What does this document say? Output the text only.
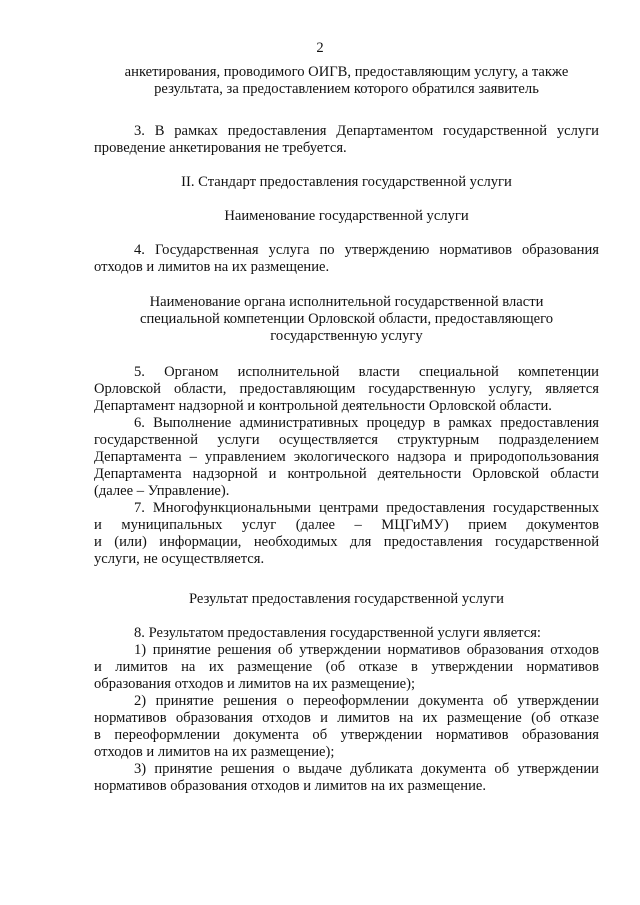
2
анкетирования, проводимого ОИГВ, предоставляющим услугу, а также
результата, за предоставлением которого обратился заявитель
3. В рамках предоставления Департаментом государственной услуги
проведение анкетирования не требуется.
II. Стандарт предоставления государственной услуги
Наименование государственной услуги
4. Государственная услуга по утверждению нормативов образования
отходов и лимитов на их размещение.
Наименование органа исполнительной государственной власти
специальной компетенции Орловской области, предоставляющего
государственную услугу
5. Органом исполнительной власти специальной компетенции
Орловской области, предоставляющим государственную услугу, является
Департамент надзорной и контрольной деятельности Орловской области.
6. Выполнение административных процедур в рамках предоставления
государственной услуги осуществляется структурным подразделением
Департамента – управлением экологического надзора и природопользования
Департамента надзорной и контрольной деятельности Орловской области
(далее – Управление).
7. Многофункциональными центрами предоставления государственных
и муниципальных услуг (далее – МЦГиМУ) прием документов
и (или) информации, необходимых для предоставления государственной
услуги, не осуществляется.
Результат предоставления государственной услуги
8. Результатом предоставления государственной услуги является:
1) принятие решения об утверждении нормативов образования отходов
и лимитов на их размещение (об отказе в утверждении нормативов
образования отходов и лимитов на их размещение);
2) принятие решения о переоформлении документа об утверждении
нормативов образования отходов и лимитов на их размещение (об отказе
в переоформлении документа об утверждении нормативов образования
отходов и лимитов на их размещение);
3) принятие решения о выдаче дубликата документа об утверждении
нормативов образования отходов и лимитов на их размещение.
